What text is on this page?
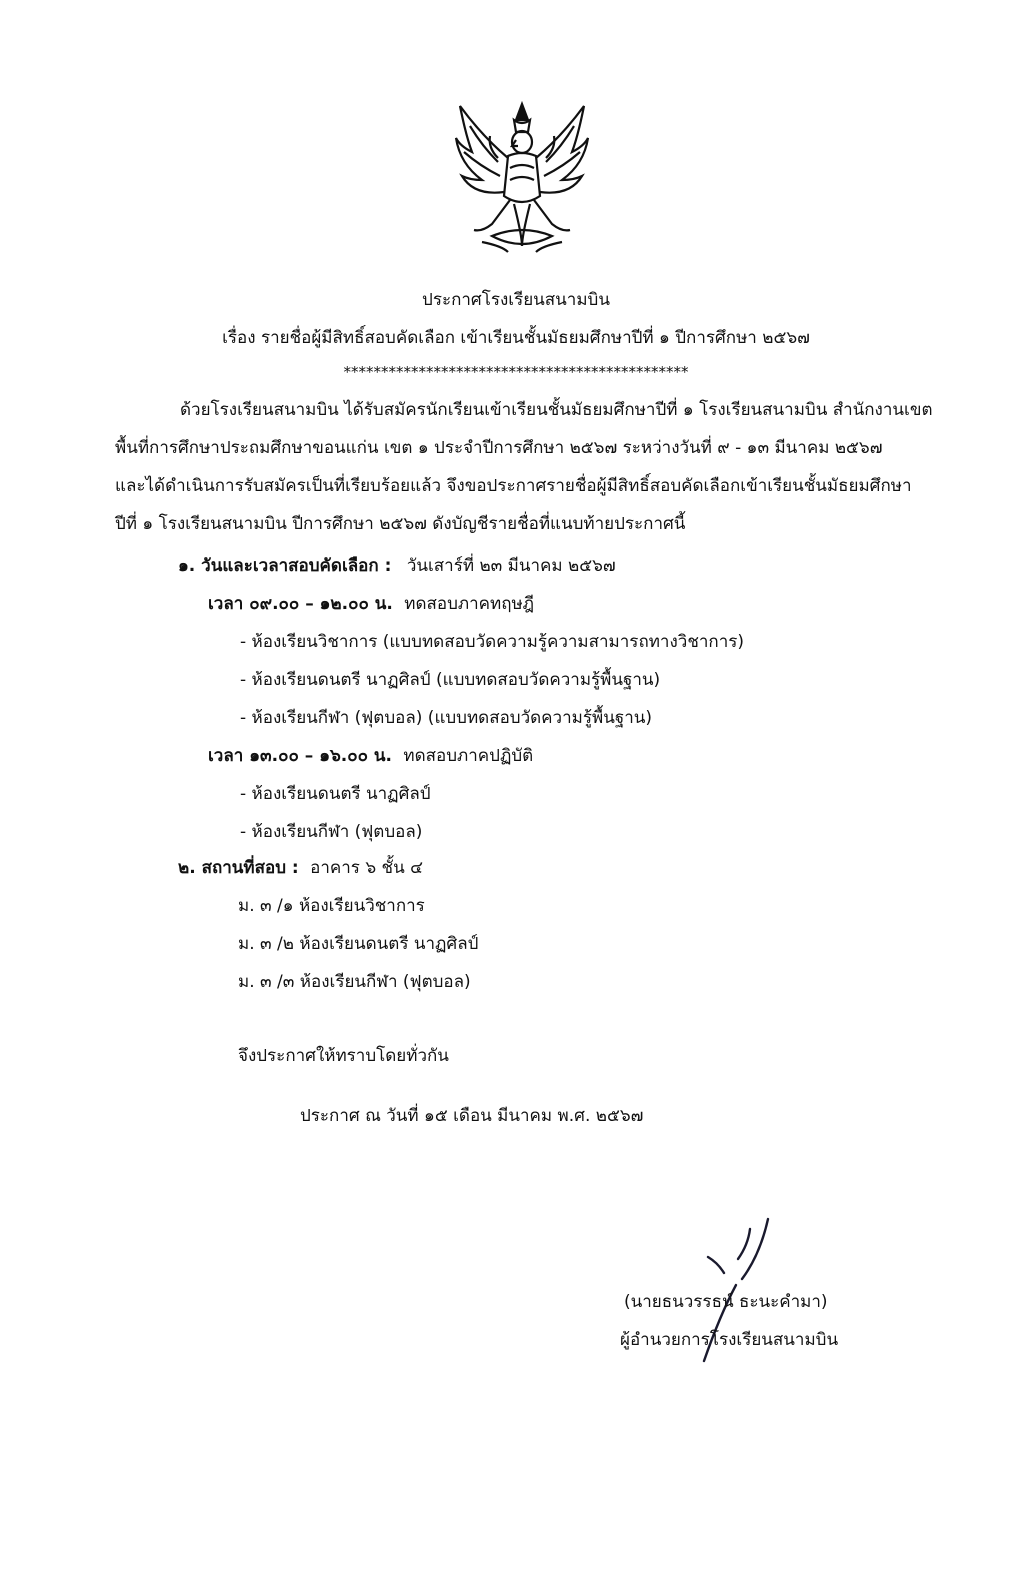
ประกาศโรงเรียนสนามบิน
เรื่อง รายชื่อผู้มีสิทธิ์สอบคัดเลือก เข้าเรียนชั้นมัธยมศึกษาปีที่ ๑ ปีการศึกษา ๒๕๖๗
**********************************************
ด้วยโรงเรียนสนามบิน ได้รับสมัครนักเรียนเข้าเรียนชั้นมัธยมศึกษาปีที่ ๑ โรงเรียนสนามบิน สำนักงานเขต
พื้นที่การศึกษาประถมศึกษาขอนแก่น เขต ๑ ประจำปีการศึกษา ๒๕๖๗ ระหว่างวันที่ ๙ - ๑๓ มีนาคม ๒๕๖๗
และได้ดำเนินการรับสมัครเป็นที่เรียบร้อยแล้ว จึงขอประกาศรายชื่อผู้มีสิทธิ์สอบคัดเลือกเข้าเรียนชั้นมัธยมศึกษา
ปีที่ ๑ โรงเรียนสนามบิน ปีการศึกษา ๒๕๖๗ ดังบัญชีรายชื่อที่แนบท้ายประกาศนี้
๑. วันและเวลาสอบคัดเลือก : วันเสาร์ที่ ๒๓ มีนาคม ๒๕๖๗
เวลา ๐๙.๐๐ – ๑๒.๐๐ น. ทดสอบภาคทฤษฎี
- ห้องเรียนวิชาการ (แบบทดสอบวัดความรู้ความสามารถทางวิชาการ)
- ห้องเรียนดนตรี นาฏศิลป์ (แบบทดสอบวัดความรู้พื้นฐาน)
- ห้องเรียนกีฬา (ฟุตบอล) (แบบทดสอบวัดความรู้พื้นฐาน)
เวลา ๑๓.๐๐ – ๑๖.๐๐ น. ทดสอบภาคปฏิบัติ
- ห้องเรียนดนตรี นาฏศิลป์
- ห้องเรียนกีฬา (ฟุตบอล)
๒. สถานที่สอบ : อาคาร ๖ ชั้น ๔
ม. ๓ /๑ ห้องเรียนวิชาการ
ม. ๓ /๒ ห้องเรียนดนตรี นาฏศิลป์
ม. ๓ /๓ ห้องเรียนกีฬา (ฟุตบอล)
จึงประกาศให้ทราบโดยทั่วกัน
ประกาศ ณ วันที่ ๑๕ เดือน มีนาคม พ.ศ. ๒๕๖๗
(นายธนวรรธน์ ธะนะคำมา)
ผู้อำนวยการโรงเรียนสนามบิน
